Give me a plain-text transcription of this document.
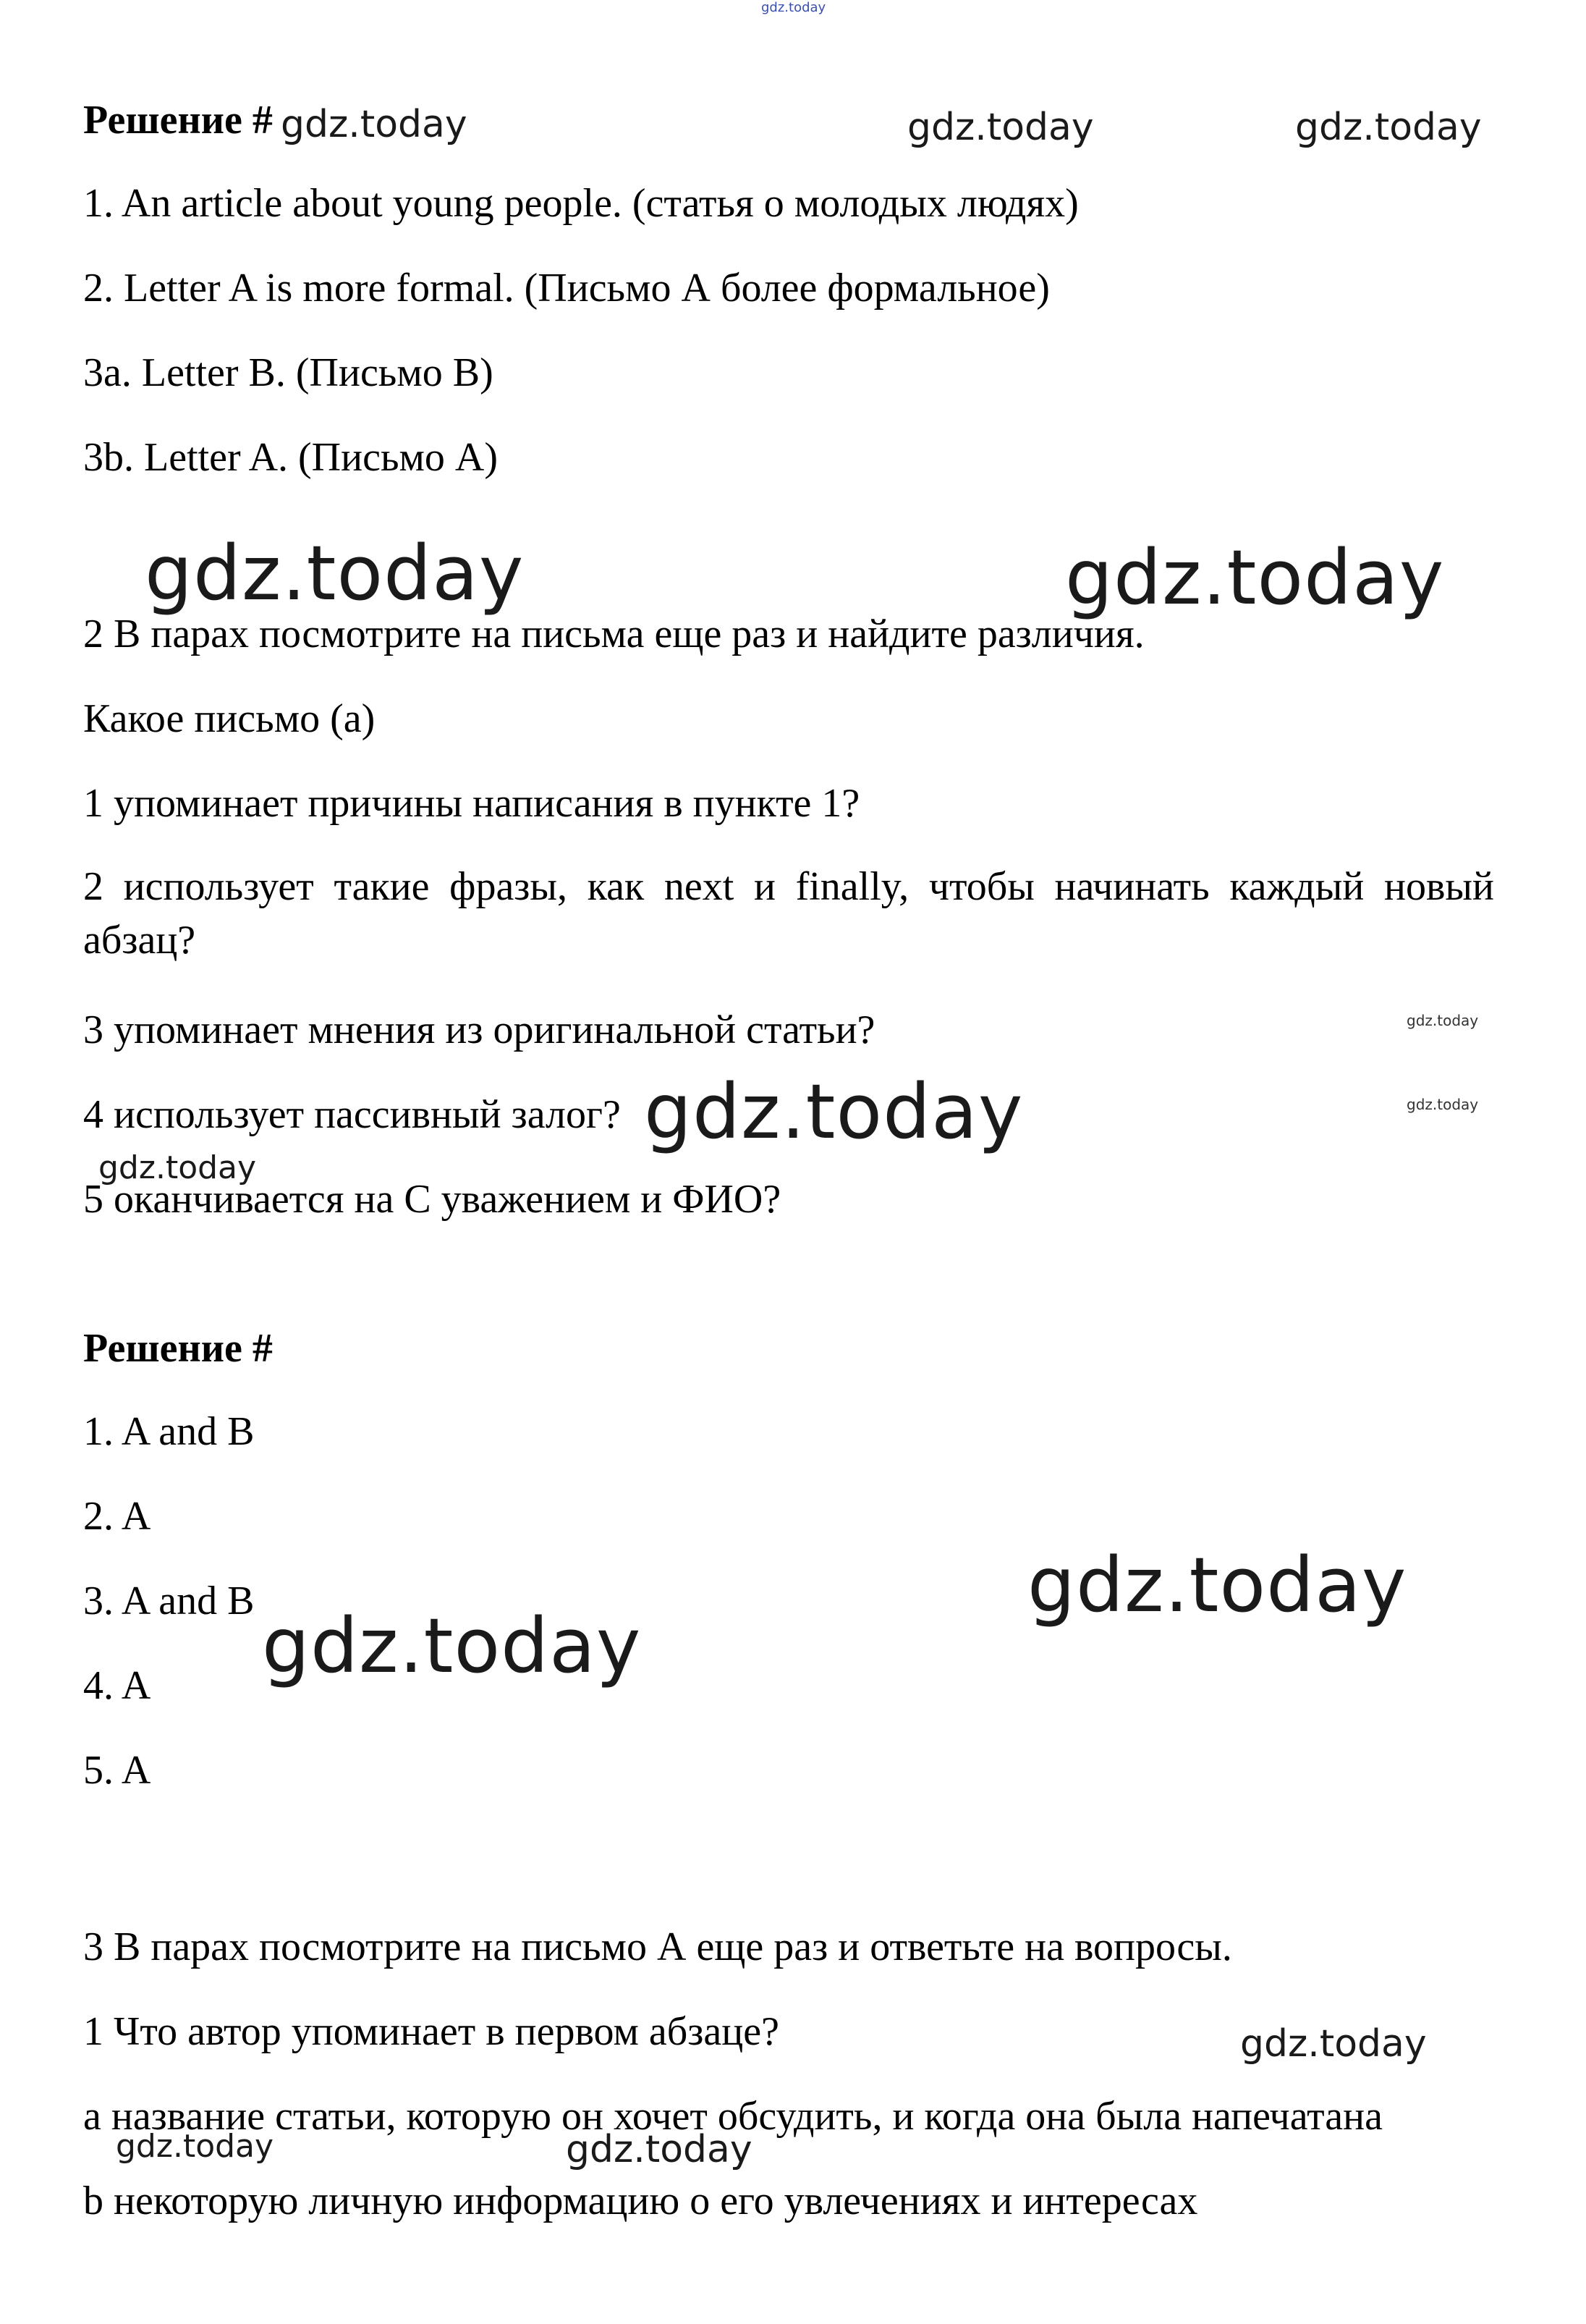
gdz.today
Решение #
1. An article about young people. (статья о молодых людях)
2. Letter A is more formal. (Письмо А более формальное)
3a. Letter B. (Письмо В)
3b. Letter A. (Письмо А)
2 В парах посмотрите на письма еще раз и найдите различия.
Какое письмо (а)
1 упоминает причины написания в пункте 1?
2 использует такие фразы, как next и finally, чтобы начинать каждый новый абзац?
3 упоминает мнения из оригинальной статьи?
4 использует пассивный залог?
5 оканчивается на С уважением и ФИО?
Решение #
1. A and B
2. A
3. A and B
4. A
5. A
3 В парах посмотрите на письмо А еще раз и ответьте на вопросы.
1 Что автор упоминает в первом абзаце?
a название статьи, которую он хочет обсудить, и когда она была напечатана
b некоторую личную информацию о его увлечениях и интересах
gdz.today	gdz.today	gdz.today
gdz.today	gdz.today
gdz.today
gdz.today
gdz.today
gdz.today
gdz.today
gdz.today
gdz.today
gdz.today	gdz.today
